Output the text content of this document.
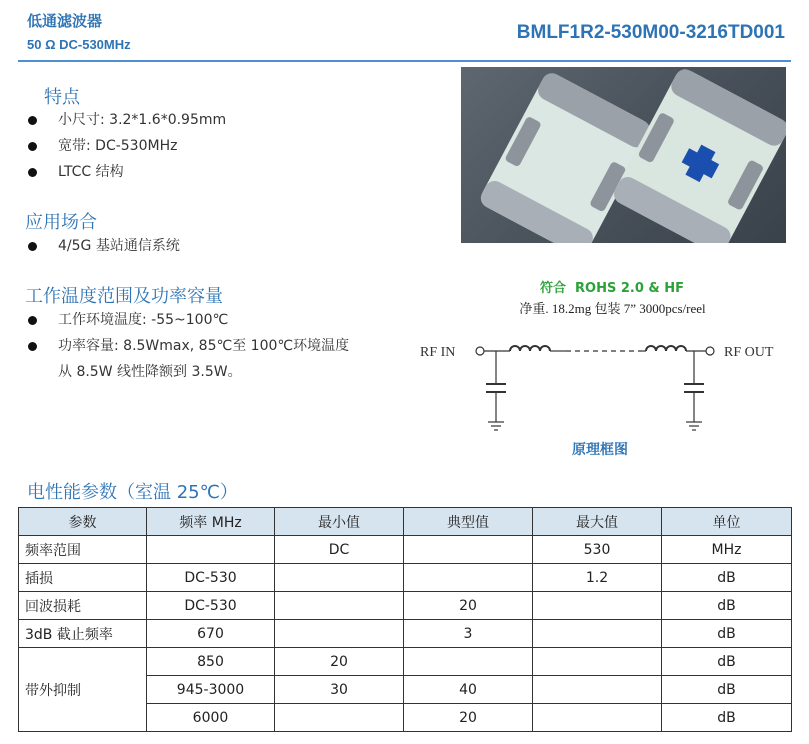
低通滤波器
50 Ω DC-530MHz
BMLF1R2-530M00-3216TD001
特点
小尺寸: 3.2*1.6*0.95mm
宽带: DC-530MHz
LTCC 结构
应用场合
4/5G 基站通信系统
工作温度范围及功率容量
工作环境温度: -55~100℃
功率容量: 8.5Wmax, 85℃至 100℃环境温度
从 8.5W 线性降额到 3.5W。
符合 ROHS 2.0 & HF
净重. 18.2mg 包装 7” 3000pcs/reel
RF IN	RF OUT
原理框图
电性能参数（室温 25℃）
参数	频率 MHz	最小值	典型值	最大值	单位
频率范围		DC		530	MHz
插损	DC-530			1.2	dB
回波损耗	DC-530		20		dB
3dB 截止频率	670		3		dB
带外抑制	850	20			dB
	945-3000	30	40		dB
	6000		20		dB
